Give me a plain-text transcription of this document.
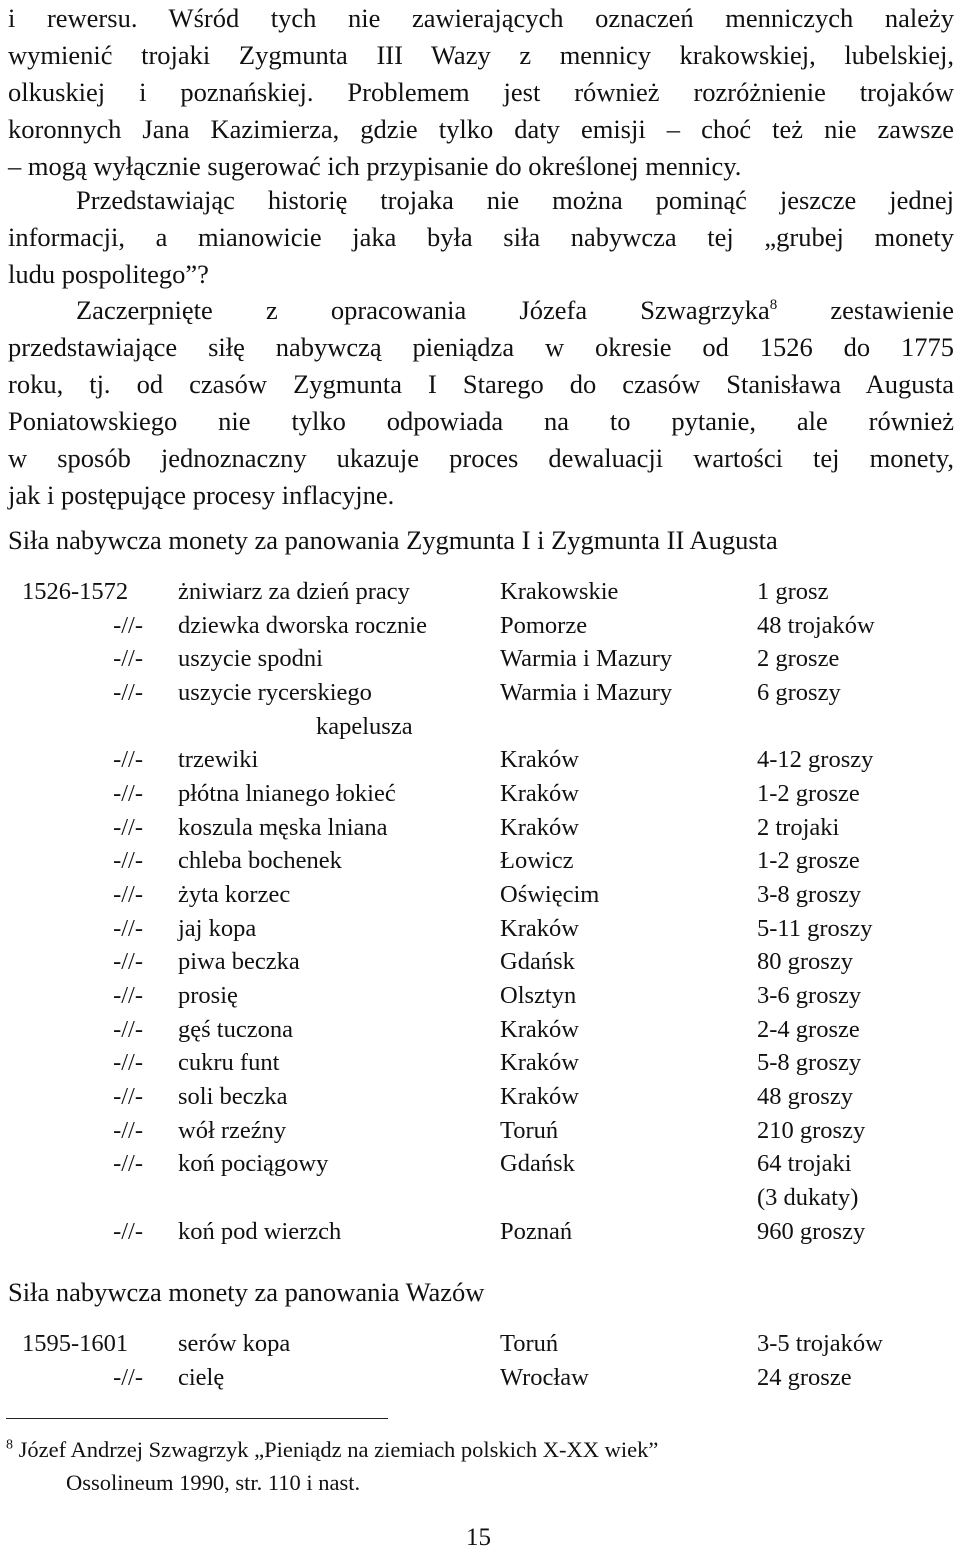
i rewersu. Wśród tych nie zawierających oznaczeń menniczych należy
wymienić trojaki Zygmunta III Wazy z mennicy krakowskiej, lubelskiej,
olkuskiej i poznańskiej. Problemem jest również rozróżnienie trojaków
koronnych Jana Kazimierza, gdzie tylko daty emisji – choć też nie zawsze
– mogą wyłącznie sugerować ich przypisanie do określonej mennicy.
Przedstawiając historię trojaka nie można pominąć jeszcze jednej
informacji, a mianowicie jaka była siła nabywcza tej „grubej monety
ludu pospolitego”?
Zaczerpnięte z opracowania Józefa Szwagrzyka$^8$ zestawienie
przedstawiające siłę nabywczą pieniądza w okresie od 1526 do 1775
roku, tj. od czasów Zygmunta I Starego do czasów Stanisława Augusta
Poniatowskiego nie tylko odpowiada na to pytanie, ale również
w sposób jednoznaczny ukazuje proces dewaluacji wartości tej monety,
jak i postępujące procesy inflacyjne.
Siła nabywcza monety za panowania Zygmunta I i Zygmunta II Augusta
1526-1572 żniwiarz za dzień pracy	Krakowskie	1 grosz
-//- dziewka dworska rocznie	Pomorze	48 trojaków
-//- uszycie spodni	Warmia i Mazury	2 grosze
-//- uszycie rycerskiego	Warmia i Mazury	6 groszy
kapelusza
-//- trzewiki	Kraków	4-12 groszy
-//- płótna lnianego łokieć	Kraków	1-2 grosze
-//- koszula męska lniana	Kraków	2 trojaki
-//- chleba bochenek	Łowicz	1-2 grosze
-//- żyta korzec	Oświęcim	3-8 groszy
-//- jaj kopa	Kraków	5-11 groszy
-//- piwa beczka	Gdańsk	80 groszy
-//- prosię	Olsztyn	3-6 groszy
-//- gęś tuczona	Kraków	2-4 grosze
-//- cukru funt	Kraków	5-8 groszy
-//- soli beczka	Kraków	48 groszy
-//- wół rzeźny	Toruń	210 groszy
-//- koń pociągowy	Gdańsk	64 trojaki
(3 dukaty)
-//- koń pod wierzch	Poznań	960 groszy
Siła nabywcza monety za panowania Wazów
1595-1601 serów kopa	Toruń	3-5 trojaków
-//- cielę	Wrocław	24 grosze
$^8$ Józef Andrzej Szwagrzyk „Pieniądz na ziemiach polskich X-XX wiek”
Ossolineum 1990, str. 110 i nast.
15
